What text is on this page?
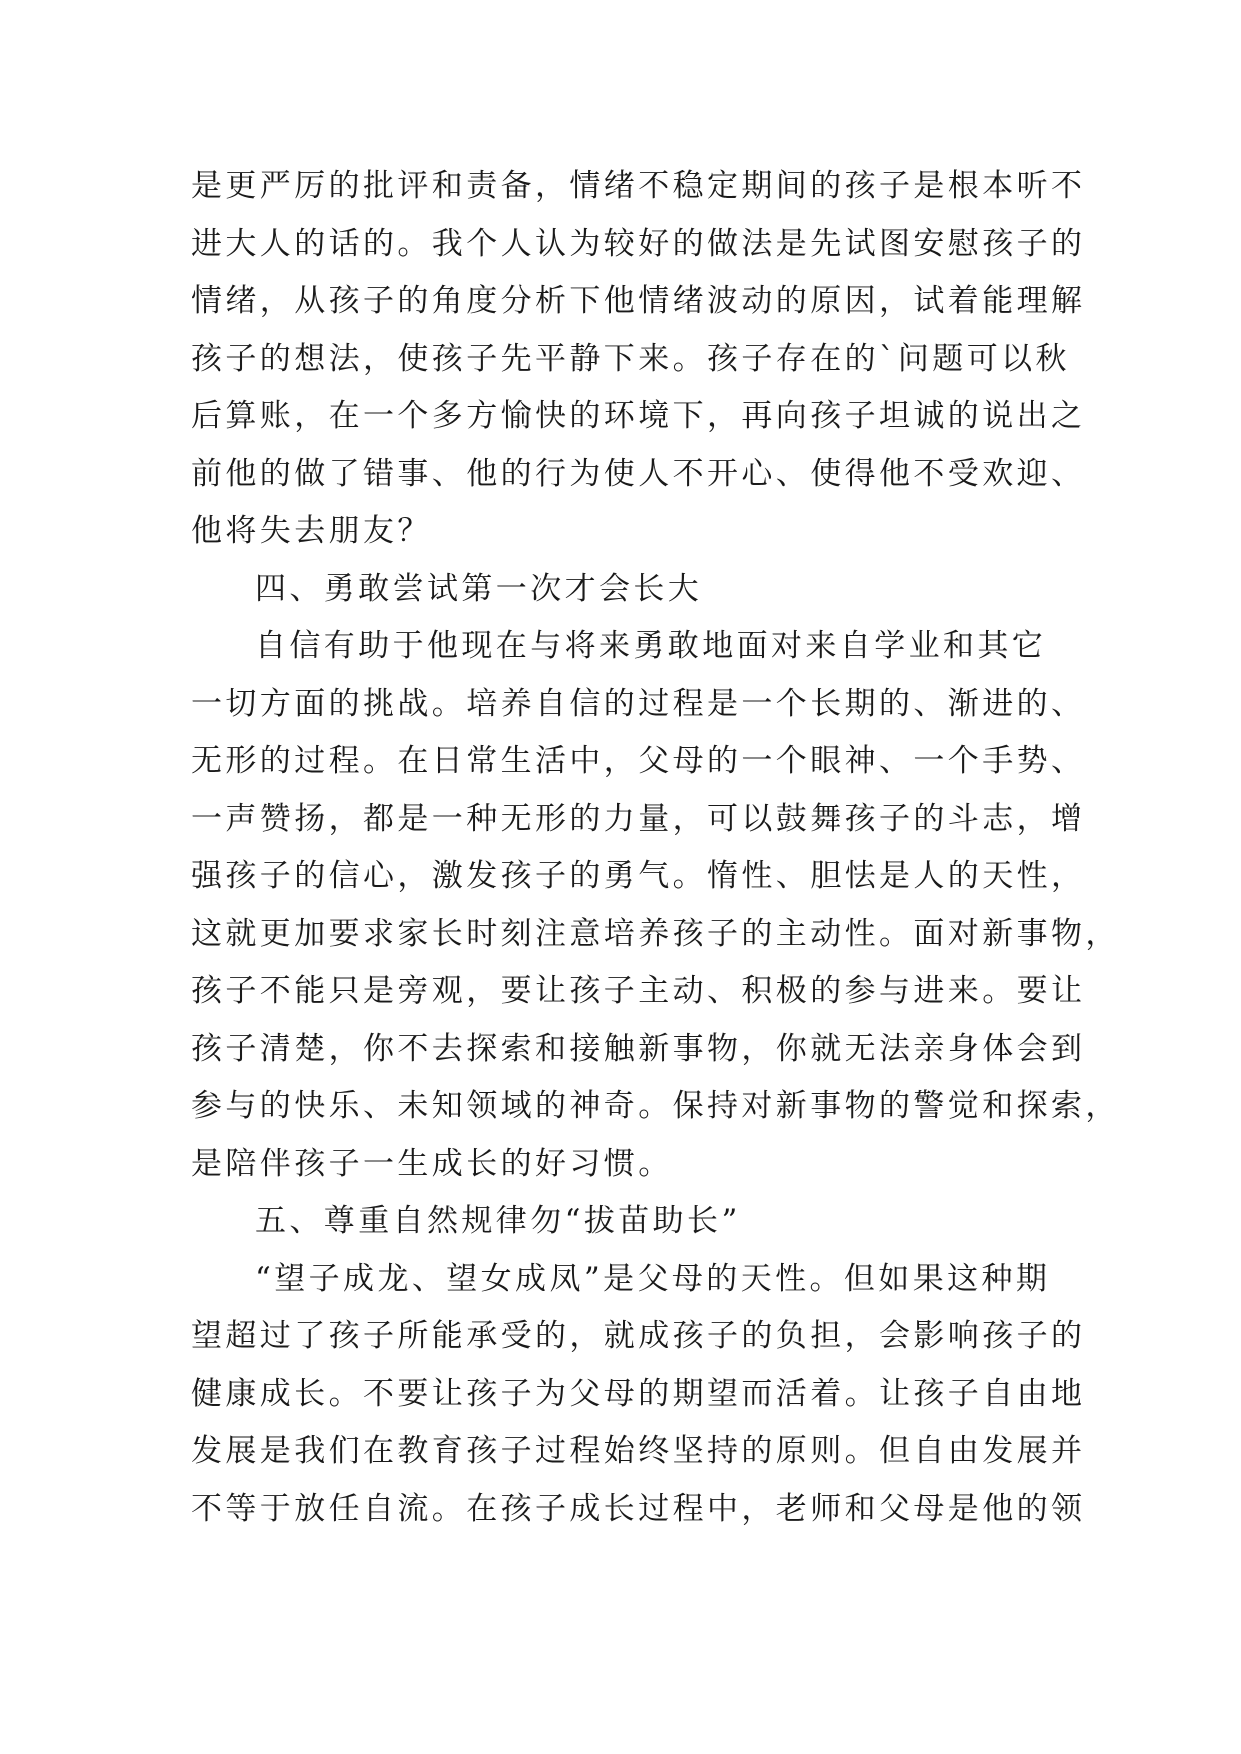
是更严厉的批评和责备，情绪不稳定期间的孩子是根本听不
进大人的话的。我个人认为较好的做法是先试图安慰孩子的
情绪，从孩子的角度分析下他情绪波动的原因，试着能理解
孩子的想法，使孩子先平静下来。孩子存在的`问题可以秋
后算账，在一个多方愉快的环境下，再向孩子坦诚的说出之
前他的做了错事、他的行为使人不开心、使得他不受欢迎、
他将失去朋友？
四、勇敢尝试第一次才会长大
自信有助于他现在与将来勇敢地面对来自学业和其它
一切方面的挑战。培养自信的过程是一个长期的、渐进的、
无形的过程。在日常生活中，父母的一个眼神、一个手势、
一声赞扬，都是一种无形的力量，可以鼓舞孩子的斗志，增
强孩子的信心，激发孩子的勇气。惰性、胆怯是人的天性，
这就更加要求家长时刻注意培养孩子的主动性。面对新事物，
孩子不能只是旁观，要让孩子主动、积极的参与进来。要让
孩子清楚，你不去探索和接触新事物，你就无法亲身体会到
参与的快乐、未知领域的神奇。保持对新事物的警觉和探索，
是陪伴孩子一生成长的好习惯。
五、尊重自然规律勿“拔苗助长”
“望子成龙、望女成凤”是父母的天性。但如果这种期
望超过了孩子所能承受的，就成孩子的负担，会影响孩子的
健康成长。不要让孩子为父母的期望而活着。让孩子自由地
发展是我们在教育孩子过程始终坚持的原则。但自由发展并
不等于放任自流。在孩子成长过程中，老师和父母是他的领
